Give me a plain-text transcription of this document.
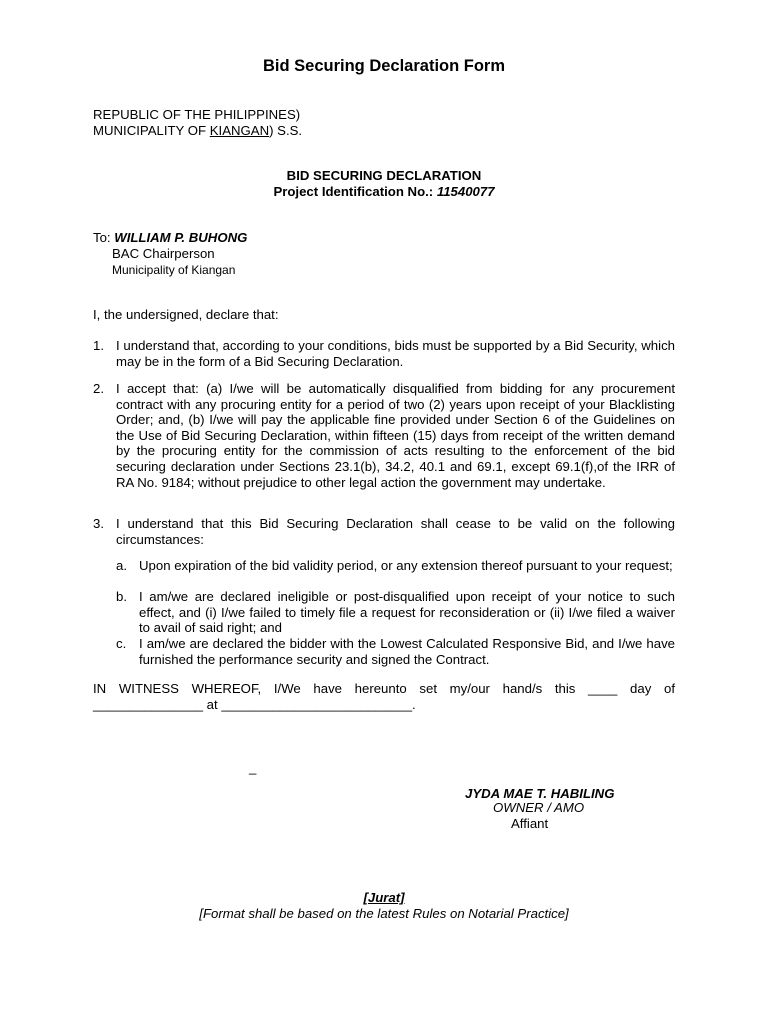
Bid Securing Declaration Form
REPUBLIC OF THE PHILIPPINES)
MUNICIPALITY OF KIANGAN) S.S.
BID SECURING DECLARATION
Project Identification No.: 11540077
To: WILLIAM P. BUHONG
BAC Chairperson
Municipality of Kiangan
I, the undersigned, declare that:
1. I understand that, according to your conditions, bids must be supported by a Bid Security, which may be in the form of a Bid Securing Declaration.
2. I accept that: (a) I/we will be automatically disqualified from bidding for any procurement contract with any procuring entity for a period of two (2) years upon receipt of your Blacklisting Order; and, (b) I/we will pay the applicable fine provided under Section 6 of the Guidelines on the Use of Bid Securing Declaration, within fifteen (15) days from receipt of the written demand by the procuring entity for the commission of acts resulting to the enforcement of the bid securing declaration under Sections 23.1(b), 34.2, 40.1 and 69.1, except 69.1(f),of the IRR of RA No. 9184; without prejudice to other legal action the government may undertake.
3. I understand that this Bid Securing Declaration shall cease to be valid on the following circumstances:
a. Upon expiration of the bid validity period, or any extension thereof pursuant to your request;
b. I am/we are declared ineligible or post-disqualified upon receipt of your notice to such effect, and (i) I/we failed to timely file a request for reconsideration or (ii) I/we filed a waiver to avail of said right; and
c. I am/we are declared the bidder with the Lowest Calculated Responsive Bid, and I/we have furnished the performance security and signed the Contract.
IN WITNESS WHEREOF, I/We have hereunto set my/our hand/s this ____ day of
_______________ at __________________________.
_
JYDA MAE T. HABILING
OWNER / AMO
Affiant
[Jurat]
[Format shall be based on the latest Rules on Notarial Practice]
